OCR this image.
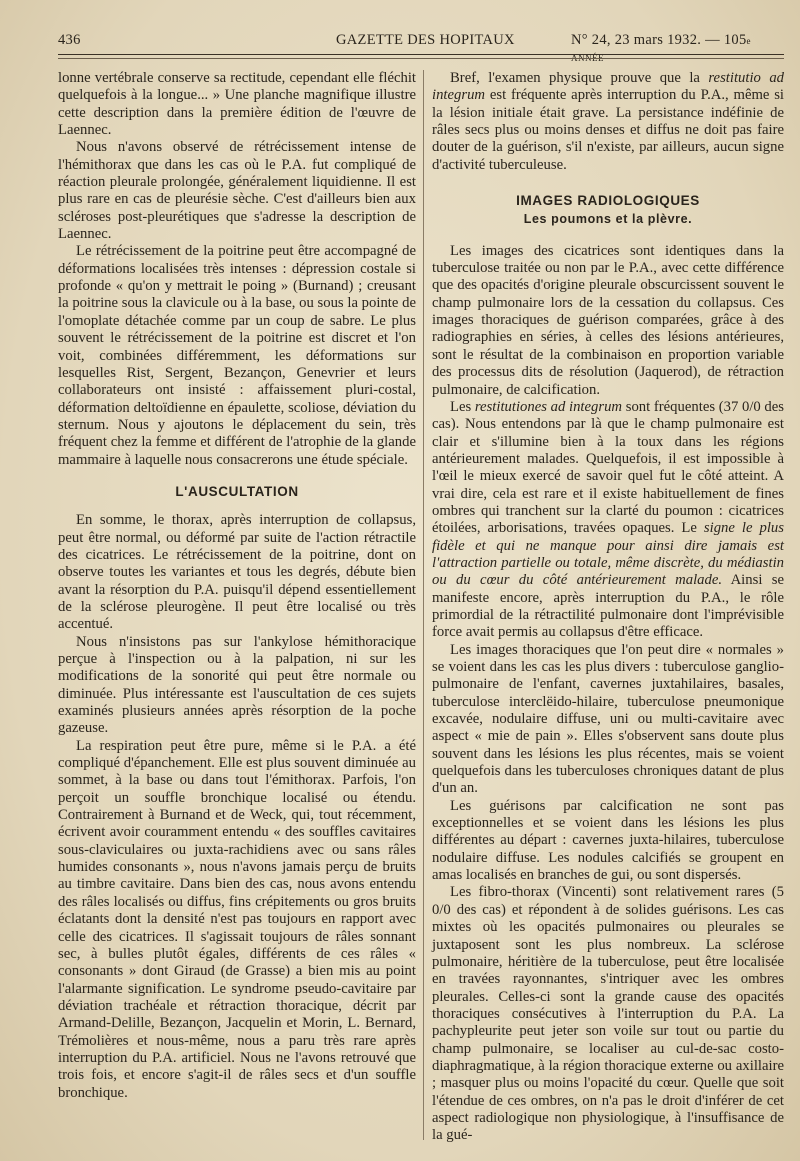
436	GAZETTE DES HOPITAUX	N° 24, 23 mars 1932. — 105e ANNÉE

lonne vertébrale conserve sa rectitude, cependant elle fléchit quelquefois à la longue... » Une planche magnifique illustre cette description dans la première édition de l'œuvre de Laennec.

Nous n'avons observé de rétrécissement intense de l'hémithorax que dans les cas où le P.A. fut compliqué de réaction pleurale prolongée, généralement liquidienne. Il est plus rare en cas de pleurésie sèche. C'est d'ailleurs bien aux scléroses post-pleurétiques que s'adresse la description de Laennec.

Le rétrécissement de la poitrine peut être accompagné de déformations localisées très intenses : dépression costale si profonde « qu'on y mettrait le poing » (Burnand) ; creusant la poitrine sous la clavicule ou à la base, ou sous la pointe de l'omoplate détachée comme par un coup de sabre. Le plus souvent le rétrécissement de la poitrine est discret et l'on voit, combinées différemment, les déformations sur lesquelles Rist, Sergent, Bezançon, Genevrier et leurs collaborateurs ont insisté : affaissement pluri-costal, déformation deltoïdienne en épaulette, scoliose, déviation du sternum. Nous y ajoutons le déplacement du sein, très fréquent chez la femme et différent de l'atrophie de la glande mammaire à laquelle nous consacrerons une étude spéciale.

L'AUSCULTATION

En somme, le thorax, après interruption de collapsus, peut être normal, ou déformé par suite de l'action rétractile des cicatrices. Le rétrécissement de la poitrine, dont on observe toutes les variantes et tous les degrés, débute bien avant la résorption du P.A. puisqu'il dépend essentiellement de la sclérose pleurogène. Il peut être localisé ou très accentué.

Nous n'insistons pas sur l'ankylose hémithoracique perçue à l'inspection ou à la palpation, ni sur les modifications de la sonorité qui peut être normale ou diminuée. Plus intéressante est l'auscultation de ces sujets examinés plusieurs années après résorption de la poche gazeuse.

La respiration peut être pure, même si le P.A. a été compliqué d'épanchement. Elle est plus souvent diminuée au sommet, à la base ou dans tout l'émithorax. Parfois, l'on perçoit un souffle bronchique localisé ou étendu. Contrairement à Burnand et de Weck, qui, tout récemment, écrivent avoir couramment entendu « des souffles cavitaires sous-claviculaires ou juxta-rachidiens avec ou sans râles humides consonants », nous n'avons jamais perçu de bruits au timbre cavitaire. Dans bien des cas, nous avons entendu des râles localisés ou diffus, fins crépitements ou gros bruits éclatants dont la densité n'est pas toujours en rapport avec celle des cicatrices. Il s'agissait toujours de râles sonnant sec, à bulles plutôt égales, différents de ces râles « consonants » dont Giraud (de Grasse) a bien mis au point l'alarmante signification. Le syndrome pseudo-cavitaire par déviation trachéale et rétraction thoracique, décrit par Armand-Delille, Bezançon, Jacquelin et Morin, L. Bernard, Trémolières et nous-même, nous a paru très rare après interruption du P.A. artificiel. Nous ne l'avons retrouvé que trois fois, et encore s'agit-il de râles secs et d'un souffle bronchique.

Bref, l'examen physique prouve que la restitutio ad integrum est fréquente après interruption du P.A., même si la lésion initiale était grave. La persistance indéfinie de râles secs plus ou moins denses et diffus ne doit pas faire douter de la guérison, s'il n'existe, par ailleurs, aucun signe d'activité tuberculeuse.

IMAGES RADIOLOGIQUES
Les poumons et la plèvre.

Les images des cicatrices sont identiques dans la tuberculose traitée ou non par le P.A., avec cette différence que des opacités d'origine pleurale obscurcissent souvent le champ pulmonaire lors de la cessation du collapsus. Ces images thoraciques de guérison comparées, grâce à des radiographies en séries, à celles des lésions antérieures, sont le résultat de la combinaison en proportion variable des processus dits de résolution (Jaquerod), de rétraction pulmonaire, de calcification.

Les restitutiones ad integrum sont fréquentes (37 0/0 des cas). Nous entendons par là que le champ pulmonaire est clair et s'illumine bien à la toux dans les régions antérieurement malades. Quelquefois, il est impossible à l'œil le mieux exercé de savoir quel fut le côté atteint. A vrai dire, cela est rare et il existe habituellement de fines ombres qui tranchent sur la clarté du poumon : cicatrices étoilées, arborisations, travées opaques. Le signe le plus fidèle et qui ne manque pour ainsi dire jamais est l'attraction partielle ou totale, même discrète, du médiastin ou du cœur du côté antérieurement malade. Ainsi se manifeste encore, après interruption du P.A., le rôle primordial de la rétractilité pulmonaire dont l'imprévisible force avait permis au collapsus d'être efficace.

Les images thoraciques que l'on peut dire « normales » se voient dans les cas les plus divers : tuberculose ganglio-pulmonaire de l'enfant, cavernes juxtahilaires, basales, tuberculose interclëido-hilaire, tuberculose pneumonique excavée, nodulaire diffuse, uni ou multi-cavitaire avec aspect « mie de pain ». Elles s'observent sans doute plus souvent dans les lésions les plus récentes, mais se voient quelquefois dans les tuberculoses chroniques datant de plus d'un an.

Les guérisons par calcification ne sont pas exceptionnelles et se voient dans les lésions les plus différentes au départ : cavernes juxta-hilaires, tuberculose nodulaire diffuse. Les nodules calcifiés se groupent en amas localisés en branches de gui, ou sont dispersés.

Les fibro-thorax (Vincenti) sont relativement rares (5 0/0 des cas) et répondent à de solides guérisons. Les cas mixtes où les opacités pulmonaires ou pleurales se juxtaposent sont les plus nombreux. La sclérose pulmonaire, héritière de la tuberculose, peut être localisée en travées rayonnantes, s'intriquer avec les ombres pleurales. Celles-ci sont la grande cause des opacités thoraciques consécutives à l'interruption du P.A. La pachypleurite peut jeter son voile sur tout ou partie du champ pulmonaire, se localiser au cul-de-sac costo-diaphragmatique, à la région thoracique externe ou axillaire ; masquer plus ou moins l'opacité du cœur. Quelle que soit l'étendue de ces ombres, on n'a pas le droit d'inférer de cet aspect radiologique non physiologique, à l'insuffisance de la gué-
